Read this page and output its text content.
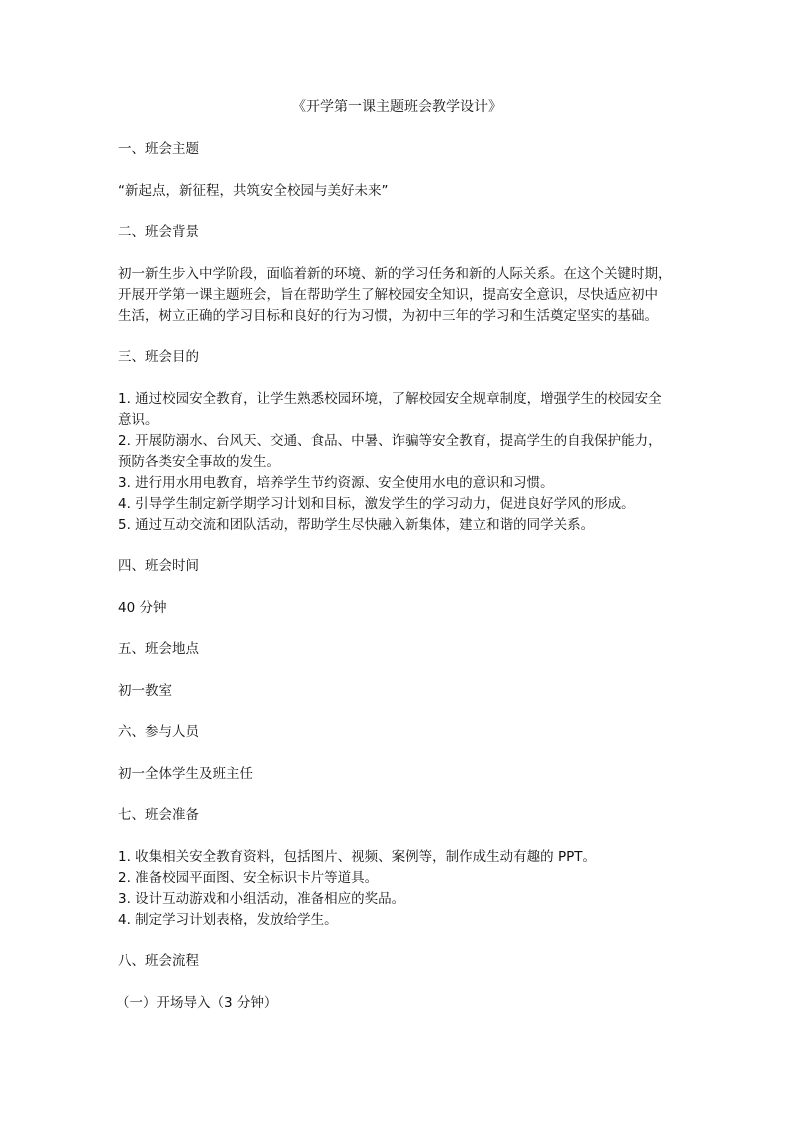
《开学第一课主题班会教学设计》
一、班会主题
“新起点，新征程，共筑安全校园与美好未来”
二、班会背景
初一新生步入中学阶段，面临着新的环境、新的学习任务和新的人际关系。在这个关键时期，
开展开学第一课主题班会，旨在帮助学生了解校园安全知识，提高安全意识，尽快适应初中
生活，树立正确的学习目标和良好的行为习惯，为初中三年的学习和生活奠定坚实的基础。
三、班会目的
1. 通过校园安全教育，让学生熟悉校园环境，了解校园安全规章制度，增强学生的校园安全
意识。
2. 开展防溺水、台风天、交通、食品、中暑、诈骗等安全教育，提高学生的自我保护能力，
预防各类安全事故的发生。
3. 进行用水用电教育，培养学生节约资源、安全使用水电的意识和习惯。
4. 引导学生制定新学期学习计划和目标，激发学生的学习动力，促进良好学风的形成。
5. 通过互动交流和团队活动，帮助学生尽快融入新集体，建立和谐的同学关系。
四、班会时间
40 分钟
五、班会地点
初一教室
六、参与人员
初一全体学生及班主任
七、班会准备
1. 收集相关安全教育资料，包括图片、视频、案例等，制作成生动有趣的 PPT。
2. 准备校园平面图、安全标识卡片等道具。
3. 设计互动游戏和小组活动，准备相应的奖品。
4. 制定学习计划表格，发放给学生。
八、班会流程
（一）开场导入（3 分钟）
